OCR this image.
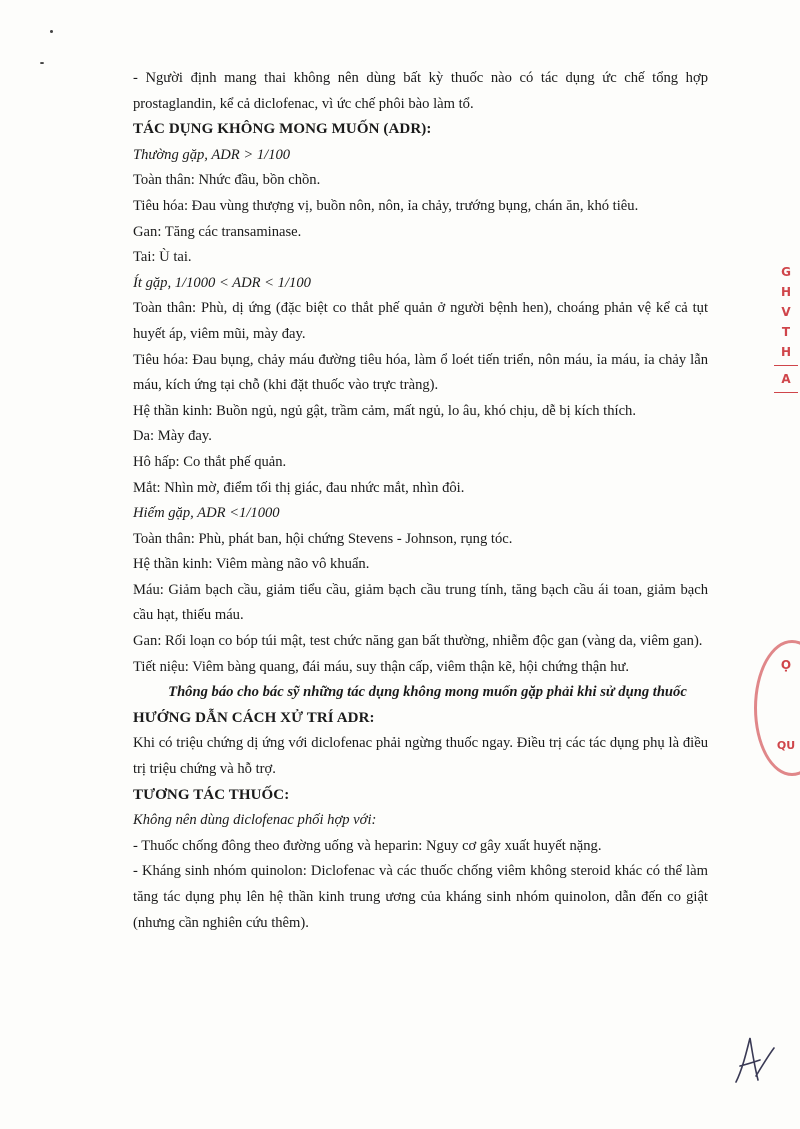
- Người định mang thai không nên dùng bất kỳ thuốc nào có tác dụng ức chế tổng hợp prostaglandin, kể cả diclofenac, vì ức chế phôi bào làm tổ.

TÁC DỤNG KHÔNG MONG MUỐN (ADR):

Thường gặp, ADR > 1/100

Toàn thân: Nhức đầu, bồn chồn.

Tiêu hóa: Đau vùng thượng vị, buồn nôn, nôn, ỉa chảy, trướng bụng, chán ăn, khó tiêu.

Gan: Tăng các transaminase.

Tai: Ù tai.

Ít gặp, 1/1000 < ADR < 1/100

Toàn thân: Phù, dị ứng (đặc biệt co thắt phế quản ở người bệnh hen), choáng phản vệ kể cả tụt huyết áp, viêm mũi, mày đay.

Tiêu hóa: Đau bụng, chảy máu đường tiêu hóa, làm ổ loét tiến triển, nôn máu, ỉa máu, ỉa chảy lẫn máu, kích ứng tại chỗ (khi đặt thuốc vào trực tràng).

Hệ thần kinh: Buồn ngủ, ngủ gật, trầm cảm, mất ngủ, lo âu, khó chịu, dễ bị kích thích.

Da: Mày đay.

Hô hấp: Co thắt phế quản.

Mắt: Nhìn mờ, điểm tối thị giác, đau nhức mắt, nhìn đôi.

Hiếm gặp, ADR <1/1000

Toàn thân: Phù, phát ban, hội chứng Stevens - Johnson, rụng tóc.

Hệ thần kinh: Viêm màng não vô khuẩn.

Máu: Giảm bạch cầu, giảm tiểu cầu, giảm bạch cầu trung tính, tăng bạch cầu ái toan, giảm bạch cầu hạt, thiếu máu.

Gan: Rối loạn co bóp túi mật, test chức năng gan bất thường, nhiễm độc gan (vàng da, viêm gan).

Tiết niệu: Viêm bàng quang, đái máu, suy thận cấp, viêm thận kẽ, hội chứng thận hư.

Thông báo cho bác sỹ những tác dụng không mong muốn gặp phải khi sử dụng thuốc

HƯỚNG DẪN CÁCH XỬ TRÍ ADR:

Khi có triệu chứng dị ứng với diclofenac phải ngừng thuốc ngay. Điều trị các tác dụng phụ là điều trị triệu chứng và hỗ trợ.

TƯƠNG TÁC THUỐC:

Không nên dùng diclofenac phối hợp với:

- Thuốc chống đông theo đường uống và heparin: Nguy cơ gây xuất huyết nặng.

- Kháng sinh nhóm quinolon: Diclofenac và các thuốc chống viêm không steroid khác có thể làm tăng tác dụng phụ lên hệ thần kinh trung ương của kháng sinh nhóm quinolon, dẫn đến co giật (nhưng cần nghiên cứu thêm).

G
H
V
T
H
A
Ọ

QU
